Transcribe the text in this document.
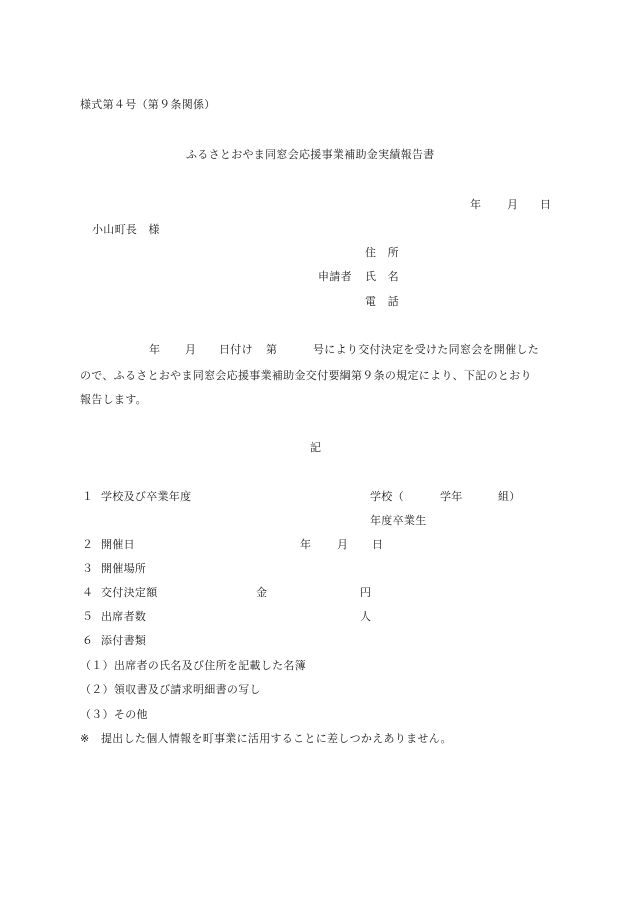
様式第４号（第９条関係）
ふるさとおやま同窓会応援事業補助金実績報告書
年 月 日
小山町長　様
住　所
申請者 氏　名
電　話
年 月 日付け 第	号により交付決定を受けた同窓会を開催した
ので、ふるさとおやま同窓会応援事業補助金交付要綱第９条の規定により、下記のとおり
報告します。
記
１ 学校及び卒業年度	学校（	学年	組）
年度卒業生
２ 開催日	年 月 日
３ 開催場所
４ 交付決定額	金	円
５ 出席者数	人
６ 添付書類
（１）出席者の氏名及び住所を記載した名簿
（２）領収書及び請求明細書の写し
（３）その他
※ 提出した個人情報を町事業に活用することに差しつかえありません。
